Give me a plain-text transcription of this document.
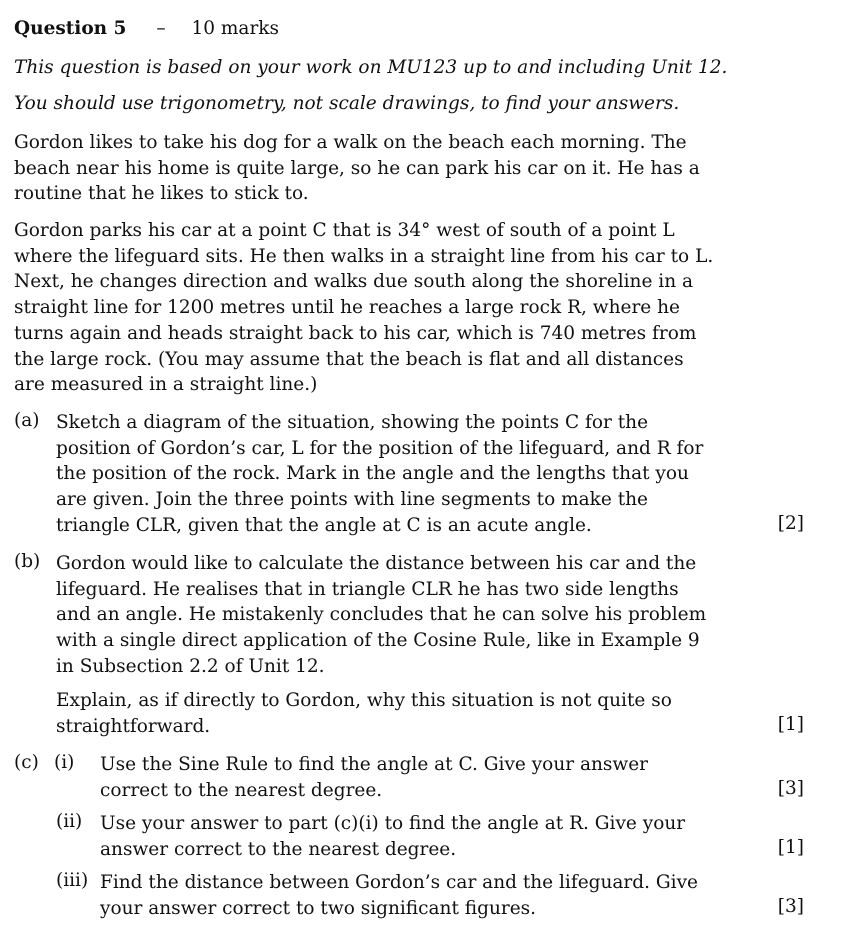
Question 5 – 10 marks
This question is based on your work on MU123 up to and including Unit 12.
You should use trigonometry, not scale drawings, to find your answers.
Gordon likes to take his dog for a walk on the beach each morning. The beach near his home is quite large, so he can park his car on it. He has a routine that he likes to stick to.
Gordon parks his car at a point C that is 34° west of south of a point L where the lifeguard sits. He then walks in a straight line from his car to L. Next, he changes direction and walks due south along the shoreline in a straight line for 1200 metres until he reaches a large rock R, where he turns again and heads straight back to his car, which is 740 metres from the large rock. (You may assume that the beach is flat and all distances are measured in a straight line.)
(a) Sketch a diagram of the situation, showing the points C for the position of Gordon’s car, L for the position of the lifeguard, and R for the position of the rock. Mark in the angle and the lengths that you are given. Join the three points with line segments to make the triangle CLR, given that the angle at C is an acute angle.	[2]
(b) Gordon would like to calculate the distance between his car and the lifeguard. He realises that in triangle CLR he has two side lengths and an angle. He mistakenly concludes that he can solve his problem with a single direct application of the Cosine Rule, like in Example 9 in Subsection 2.2 of Unit 12.
Explain, as if directly to Gordon, why this situation is not quite so straightforward.	[1]
(c) (i) Use the Sine Rule to find the angle at C. Give your answer correct to the nearest degree.	[3]
(ii) Use your answer to part (c)(i) to find the angle at R. Give your answer correct to the nearest degree.	[1]
(iii) Find the distance between Gordon’s car and the lifeguard. Give your answer correct to two significant figures.	[3]
